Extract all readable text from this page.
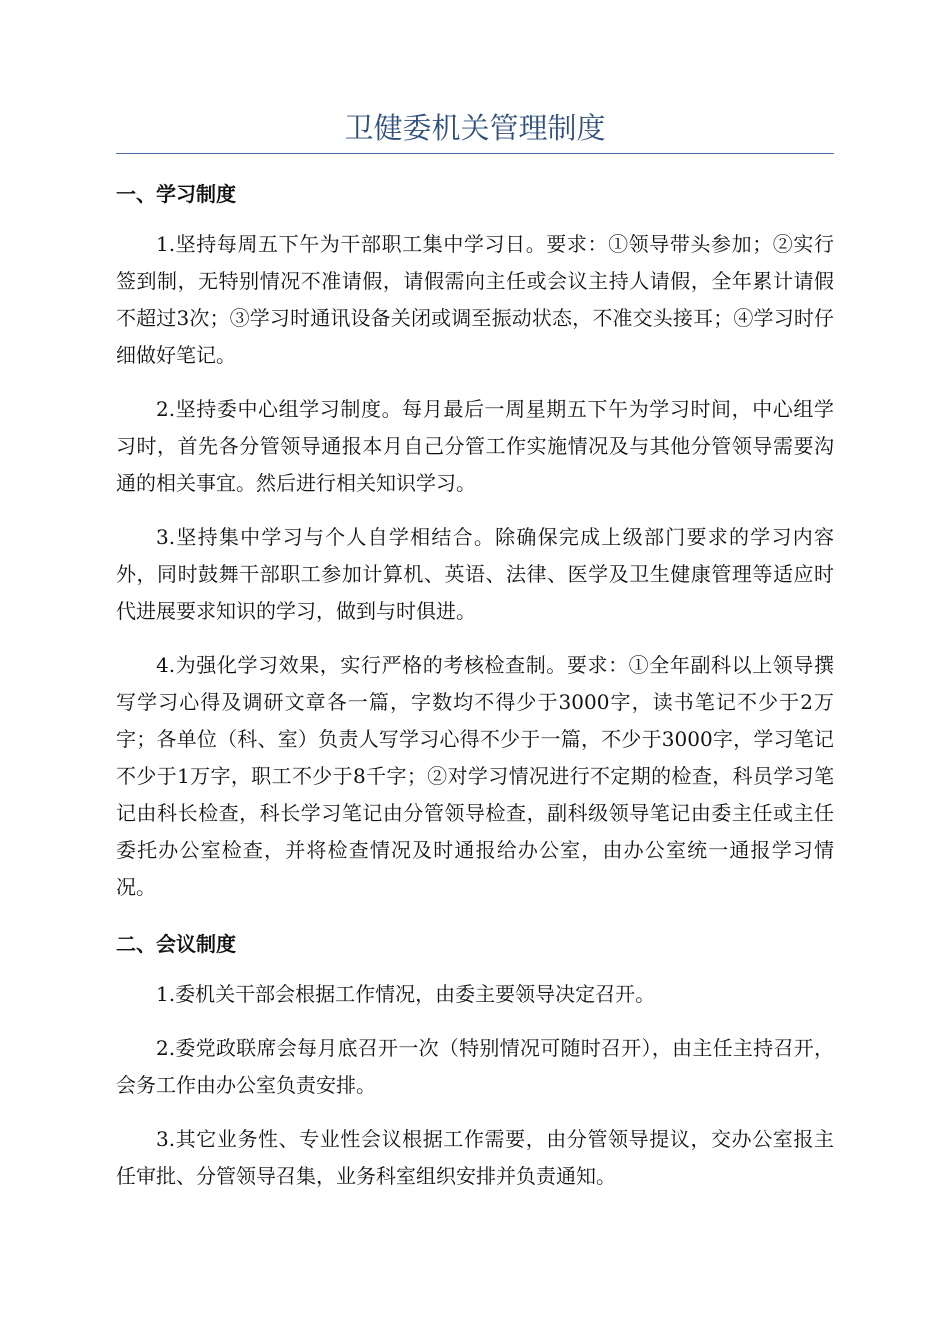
卫健委机关管理制度
一、学习制度

1.坚持每周五下午为干部职工集中学习日。要求：①领导带头参加；②实行签到制，无特别情况不准请假，请假需向主任或会议主持人请假，全年累计请假不超过3次；③学习时通讯设备关闭或调至振动状态，不准交头接耳；④学习时仔细做好笔记。

2.坚持委中心组学习制度。每月最后一周星期五下午为学习时间，中心组学习时，首先各分管领导通报本月自己分管工作实施情况及与其他分管领导需要沟通的相关事宜。然后进行相关知识学习。

3.坚持集中学习与个人自学相结合。除确保完成上级部门要求的学习内容外，同时鼓舞干部职工参加计算机、英语、法律、医学及卫生健康管理等适应时代进展要求知识的学习，做到与时俱进。

4.为强化学习效果，实行严格的考核检查制。要求：①全年副科以上领导撰写学习心得及调研文章各一篇，字数均不得少于3000字，读书笔记不少于2万字；各单位（科、室）负责人写学习心得不少于一篇，不少于3000字，学习笔记不少于1万字，职工不少于8千字；②对学习情况进行不定期的检查，科员学习笔记由科长检查，科长学习笔记由分管领导检查，副科级领导笔记由委主任或主任委托办公室检查，并将检查情况及时通报给办公室，由办公室统一通报学习情况。

二、会议制度

1.委机关干部会根据工作情况，由委主要领导决定召开。

2.委党政联席会每月底召开一次（特别情况可随时召开），由主任主持召开，会务工作由办公室负责安排。

3.其它业务性、专业性会议根据工作需要，由分管领导提议，交办公室报主任审批、分管领导召集，业务科室组织安排并负责通知。
